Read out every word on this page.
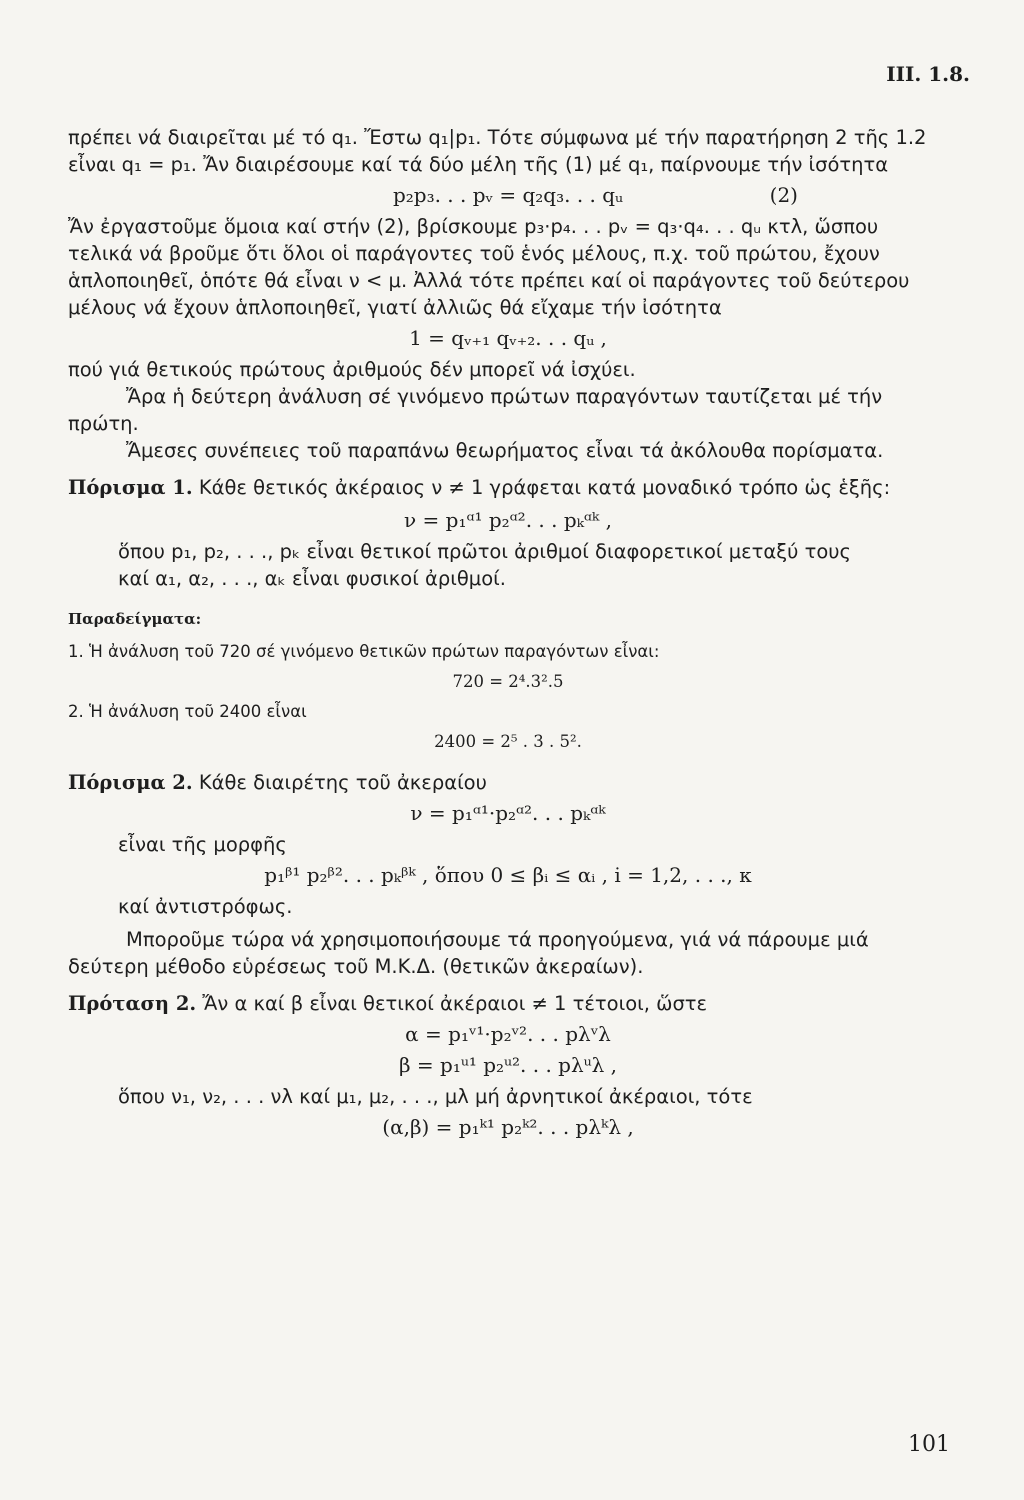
III. 1.8.

πρέπει νά διαιρεῖται μέ τό q₁. Ἔστω q₁|p₁. Τότε σύμφωνα μέ τήν παρατήρηση 2 τῆς 1.2 εἶναι q₁ = p₁. Ἄν διαιρέσουμε καί τά δύο μέλη τῆς (1) μέ q₁, παίρνουμε τήν ἰσότητα

p₂p₃. . . pᵥ = q₂q₃. . . qᵤ	(2)

Ἄν ἐργαστοῦμε ὅμοια καί στήν (2), βρίσκουμε p₃·p₄. . . pᵥ = q₃·q₄. . . qᵤ κτλ, ὥσπου τελικά νά βροῦμε ὅτι ὅλοι οἱ παράγοντες τοῦ ἑνός μέλους, π.χ. τοῦ πρώτου, ἔχουν ἁπλοποιηθεῖ, ὁπότε θά εἶναι ν < μ. Ἀλλά τότε πρέπει καί οἱ παράγοντες τοῦ δεύτερου μέλους νά ἔχουν ἁπλοποιηθεῖ, γιατί ἀλλιῶς θά εἴχαμε τήν ἰσότητα

1 = qᵥ₊₁ qᵥ₊₂. . . qᵤ ,

πού γιά θετικούς πρώτους ἀριθμούς δέν μπορεῖ νά ἰσχύει.

Ἄρα ἡ δεύτερη ἀνάλυση σέ γινόμενο πρώτων παραγόντων ταυτίζεται μέ τήν πρώτη.

Ἄμεσες συνέπειες τοῦ παραπάνω θεωρήματος εἶναι τά ἀκόλουθα πορίσματα.

Πόρισμα 1. Κάθε θετικός ἀκέραιος ν ≠ 1 γράφεται κατά μοναδικό τρόπο ὡς ἑξῆς:

ν = p₁ᵅ¹ p₂ᵅ². . . pₖᵅᵏ ,

ὅπου p₁, p₂, . . ., pₖ εἶναι θετικοί πρῶτοι ἀριθμοί διαφορετικοί μεταξύ τους

καί α₁, α₂, . . ., αₖ εἶναι φυσικοί ἀριθμοί.

Παραδείγματα:

1. Ἡ ἀνάλυση τοῦ 720 σέ γινόμενο θετικῶν πρώτων παραγόντων εἶναι:

720 = 2⁴.3².5

2. Ἡ ἀνάλυση τοῦ 2400 εἶναι

2400 = 2⁵ . 3 . 5².

Πόρισμα 2. Κάθε διαιρέτης τοῦ ἀκεραίου

ν = p₁ᵅ¹·p₂ᵅ². . . pₖᵅᵏ

εἶναι τῆς μορφῆς

p₁ᵝ¹ p₂ᵝ². . . pₖᵝᵏ , ὅπου 0 ≤ βᵢ ≤ αᵢ , i = 1,2, . . ., κ

καί ἀντιστρόφως.

Μποροῦμε τώρα νά χρησιμοποιήσουμε τά προηγούμενα, γιά νά πάρουμε μιά δεύτερη μέθοδο εὑρέσεως τοῦ Μ.Κ.Δ. (θετικῶν ἀκεραίων).

Πρόταση 2. Ἄν α καί β εἶναι θετικοί ἀκέραιοι ≠ 1 τέτοιοι, ὥστε

α = p₁ᵛ¹·p₂ᵛ². . . pλᵛλ
β = p₁ᵘ¹ p₂ᵘ². . . pλᵘλ ,

ὅπου ν₁, ν₂, . . . νλ καί μ₁, μ₂, . . ., μλ μή ἀρνητικοί ἀκέραιοι, τότε

(α,β) = p₁ᵏ¹ p₂ᵏ². . . pλᵏλ ,
101
